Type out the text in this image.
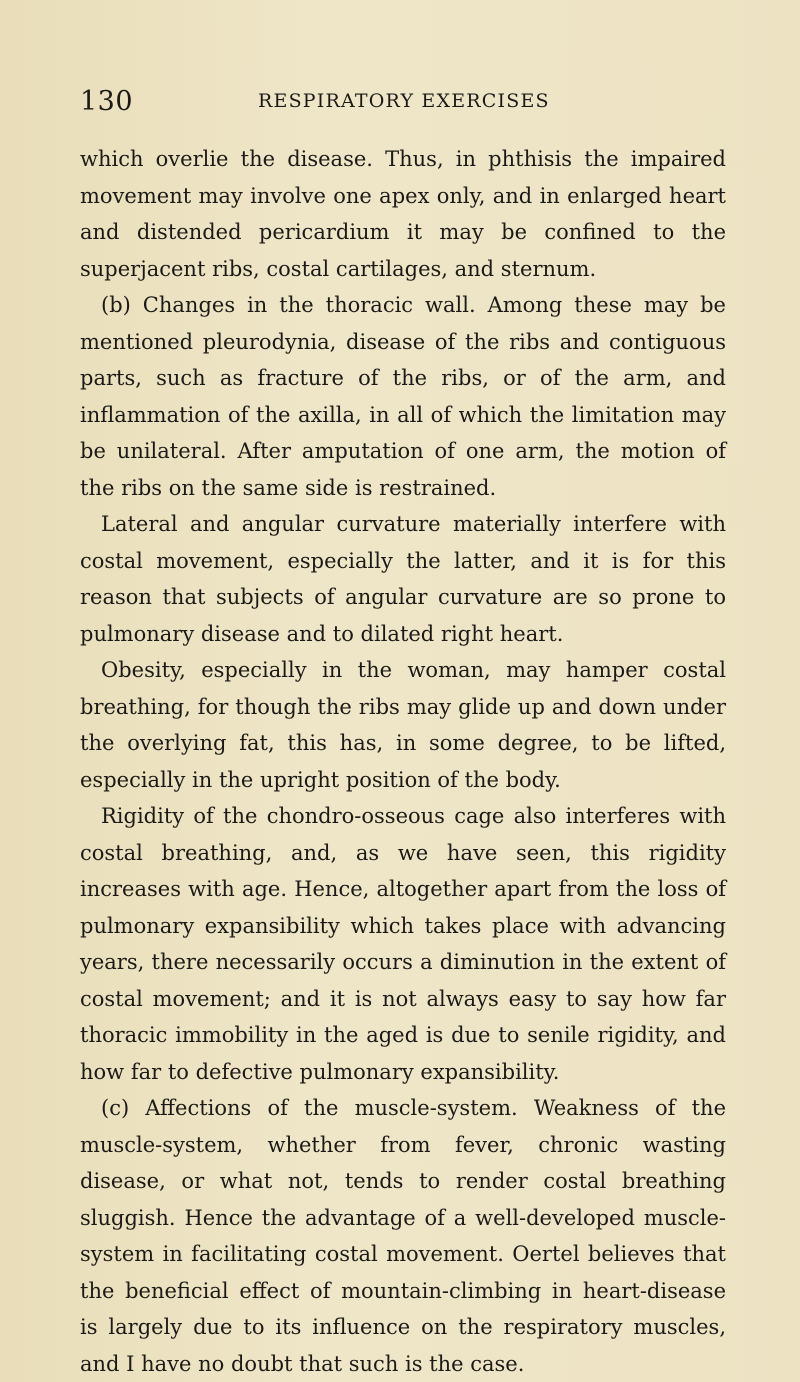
130	RESPIRATORY EXERCISES

which overlie the disease. Thus, in phthisis the impaired movement may involve one apex only, and in enlarged heart and distended pericardium it may be confined to the superjacent ribs, costal cartilages, and sternum.

(b) Changes in the thoracic wall. Among these may be mentioned pleurodynia, disease of the ribs and contiguous parts, such as fracture of the ribs, or of the arm, and inflammation of the axilla, in all of which the limitation may be unilateral. After amputation of one arm, the motion of the ribs on the same side is restrained.

Lateral and angular curvature materially interfere with costal movement, especially the latter, and it is for this reason that subjects of angular curvature are so prone to pulmonary disease and to dilated right heart.

Obesity, especially in the woman, may hamper costal breathing, for though the ribs may glide up and down under the overlying fat, this has, in some degree, to be lifted, especially in the upright position of the body.

Rigidity of the chondro-osseous cage also interferes with costal breathing, and, as we have seen, this rigidity increases with age. Hence, altogether apart from the loss of pulmonary expansibility which takes place with advancing years, there necessarily occurs a diminution in the extent of costal movement; and it is not always easy to say how far thoracic immobility in the aged is due to senile rigidity, and how far to defective pulmonary expansibility.

(c) Affections of the muscle-system. Weakness of the muscle-system, whether from fever, chronic wasting disease, or what not, tends to render costal breathing sluggish. Hence the advantage of a well-developed muscle-system in facilitating costal movement. Oertel believes that the beneficial effect of mountain-climbing in heart-disease is largely due to its influence on the respiratory muscles, and I have no doubt that such is the case.
